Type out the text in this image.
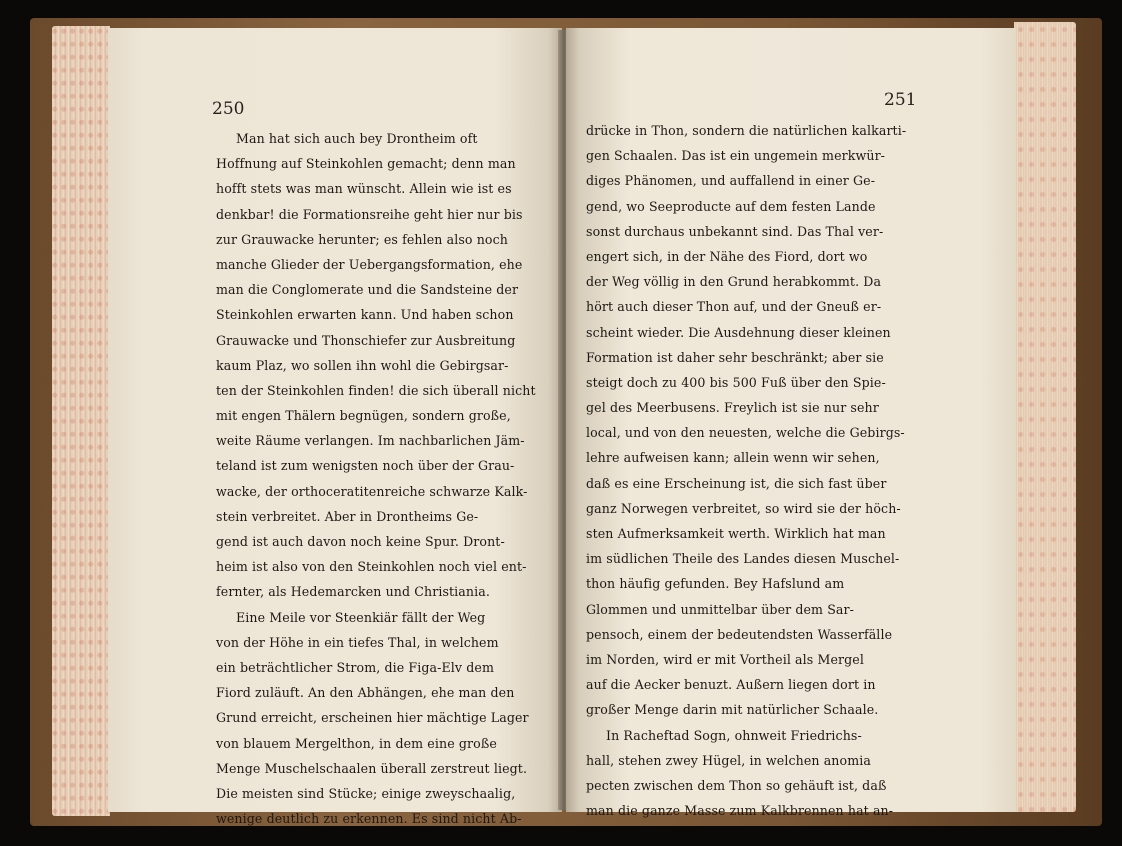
250
Man hat sich auch bey Drontheim oft
Hoffnung auf Steinkohlen gemacht; denn man
hofft stets was man wünscht. Allein wie ist es
denkbar! die Formationsreihe geht hier nur bis
zur Grauwacke herunter; es fehlen also noch
manche Glieder der Uebergangsformation, ehe
man die Conglomerate und die Sandsteine der
Steinkohlen erwarten kann. Und haben schon
Grauwacke und Thonschiefer zur Ausbreitung
kaum Plaz, wo sollen ihn wohl die Gebirgsar-
ten der Steinkohlen finden! die sich überall nicht
mit engen Thälern begnügen, sondern große,
weite Räume verlangen. Im nachbarlichen Jäm-
teland ist zum wenigsten noch über der Grau-
wacke, der orthoceratitenreiche schwarze Kalk-
stein verbreitet. Aber in Drontheims Ge-
gend ist auch davon noch keine Spur. Dront-
heim ist also von den Steinkohlen noch viel ent-
fernter, als Hedemarcken und Christiania.
Eine Meile vor Steenkiär fällt der Weg
von der Höhe in ein tiefes Thal, in welchem
ein beträchtlicher Strom, die Figa-Elv dem
Fiord zuläuft. An den Abhängen, ehe man den
Grund erreicht, erscheinen hier mächtige Lager
von blauem Mergelthon, in dem eine große
Menge Muschelschaalen überall zerstreut liegt.
Die meisten sind Stücke; einige zweyschaalig,
wenige deutlich zu erkennen. Es sind nicht Ab-
251
drücke in Thon, sondern die natürlichen kalkarti-
gen Schaalen. Das ist ein ungemein merkwür-
diges Phänomen, und auffallend in einer Ge-
gend, wo Seeproducte auf dem festen Lande
sonst durchaus unbekannt sind. Das Thal ver-
engert sich, in der Nähe des Fiord, dort wo
der Weg völlig in den Grund herabkommt. Da
hört auch dieser Thon auf, und der Gneuß er-
scheint wieder. Die Ausdehnung dieser kleinen
Formation ist daher sehr beschränkt; aber sie
steigt doch zu 400 bis 500 Fuß über den Spie-
gel des Meerbusens. Freylich ist sie nur sehr
local, und von den neuesten, welche die Gebirgs-
lehre aufweisen kann; allein wenn wir sehen,
daß es eine Erscheinung ist, die sich fast über
ganz Norwegen verbreitet, so wird sie der höch-
sten Aufmerksamkeit werth. Wirklich hat man
im südlichen Theile des Landes diesen Muschel-
thon häufig gefunden. Bey Hafslund am
Glommen und unmittelbar über dem Sar-
pensoch, einem der bedeutendsten Wasserfälle
im Norden, wird er mit Vortheil als Mergel
auf die Aecker benuzt. Außern liegen dort in
großer Menge darin mit natürlicher Schaale.
In Racheftad Sogn, ohnweit Friedrichs-
hall, stehen zwey Hügel, in welchen anomia
pecten zwischen dem Thon so gehäuft ist, daß
man die ganze Masse zum Kalkbrennen hat an-
